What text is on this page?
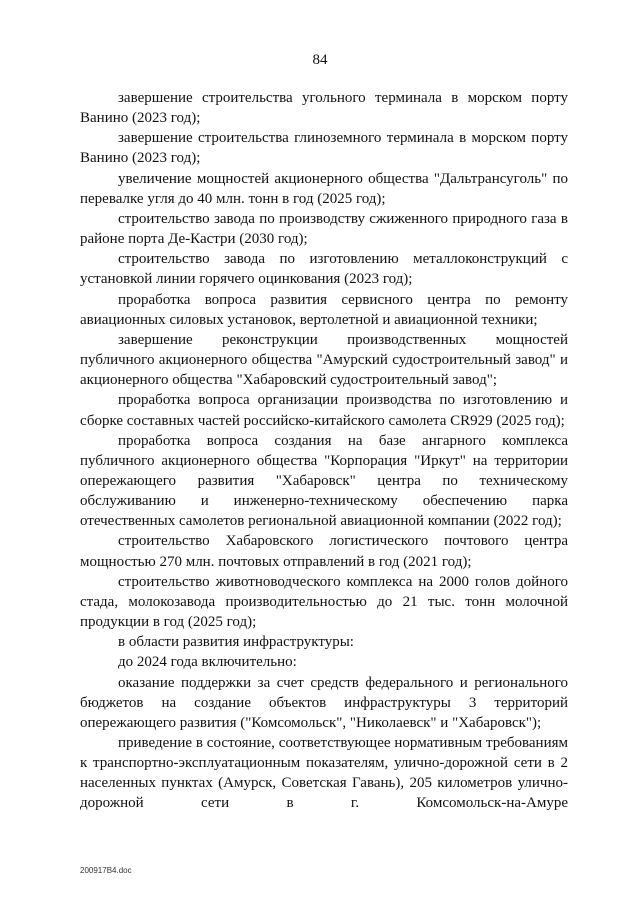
84

завершение строительства угольного терминала в морском порту Ванино (2023 год);

завершение строительства глиноземного терминала в морском порту Ванино (2023 год);

увеличение мощностей акционерного общества "Дальтрансуголь" по перевалке угля до 40 млн. тонн в год (2025 год);

строительство завода по производству сжиженного природного газа в районе порта Де-Кастри (2030 год);

строительство завода по изготовлению металлоконструкций с установкой линии горячего оцинкования (2023 год);

проработка вопроса развития сервисного центра по ремонту авиационных силовых установок, вертолетной и авиационной техники;

завершение реконструкции производственных мощностей публичного акционерного общества "Амурский судостроительный завод" и акционерного общества "Хабаровский судостроительный завод";

проработка вопроса организации производства по изготовлению и сборке составных частей российско-китайского самолета CR929 (2025 год);

проработка вопроса создания на базе ангарного комплекса публичного акционерного общества "Корпорация "Иркут" на территории опережающего развития "Хабаровск" центра по техническому обслуживанию и инженерно-техническому обеспечению парка отечественных самолетов региональной авиационной компании (2022 год);

строительство Хабаровского логистического почтового центра мощностью 270 млн. почтовых отправлений в год (2021 год);

строительство животноводческого комплекса на 2000 голов дойного стада, молокозавода производительностью до 21 тыс. тонн молочной продукции в год (2025 год);

в области развития инфраструктуры:

до 2024 года включительно:

оказание поддержки за счет средств федерального и регионального бюджетов на создание объектов инфраструктуры 3 территорий опережающего развития ("Комсомольск", "Николаевск" и "Хабаровск");

приведение в состояние, соответствующее нормативным требованиям к транспортно-эксплуатационным показателям, улично-дорожной сети в 2 населенных пунктах (Амурск, Советская Гавань), 205 километров улично-дорожной сети в г. Комсомольск-на-Амуре

200917B4.doc
